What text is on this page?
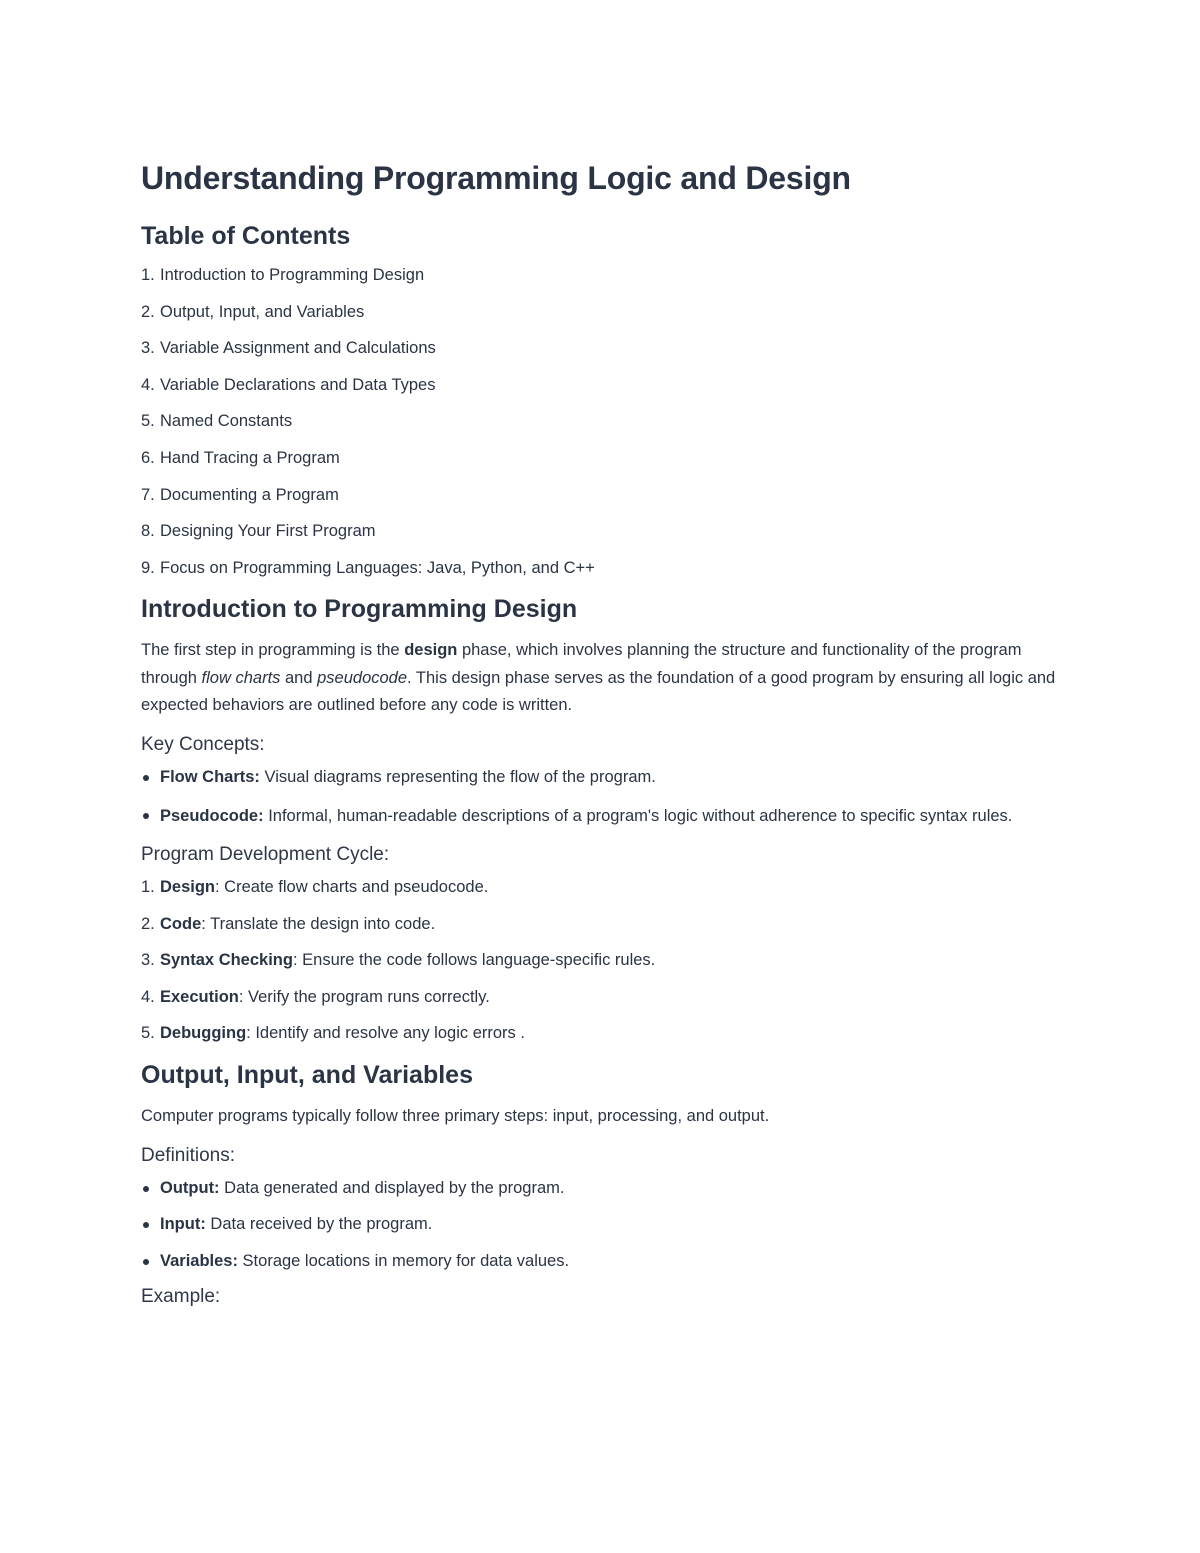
Understanding Programming Logic and Design
Table of Contents
1. Introduction to Programming Design
2. Output, Input, and Variables
3. Variable Assignment and Calculations
4. Variable Declarations and Data Types
5. Named Constants
6. Hand Tracing a Program
7. Documenting a Program
8. Designing Your First Program
9. Focus on Programming Languages: Java, Python, and C++
Introduction to Programming Design

The first step in programming is the design phase, which involves planning the structure and functionality of the program through flow charts and pseudocode. This design phase serves as the foundation of a good program by ensuring all logic and expected behaviors are outlined before any code is written.

Key Concepts:
Flow Charts: Visual diagrams representing the flow of the program.
Pseudocode: Informal, human-readable descriptions of a program's logic without adherence to specific syntax rules.
Program Development Cycle:
1. Design: Create flow charts and pseudocode.
2. Code: Translate the design into code.
3. Syntax Checking: Ensure the code follows language-specific rules.
4. Execution: Verify the program runs correctly.
5. Debugging: Identify and resolve any logic errors .
Output, Input, and Variables

Computer programs typically follow three primary steps: input, processing, and output.

Definitions:
Output: Data generated and displayed by the program.
Input: Data received by the program.
Variables: Storage locations in memory for data values.
Example:
